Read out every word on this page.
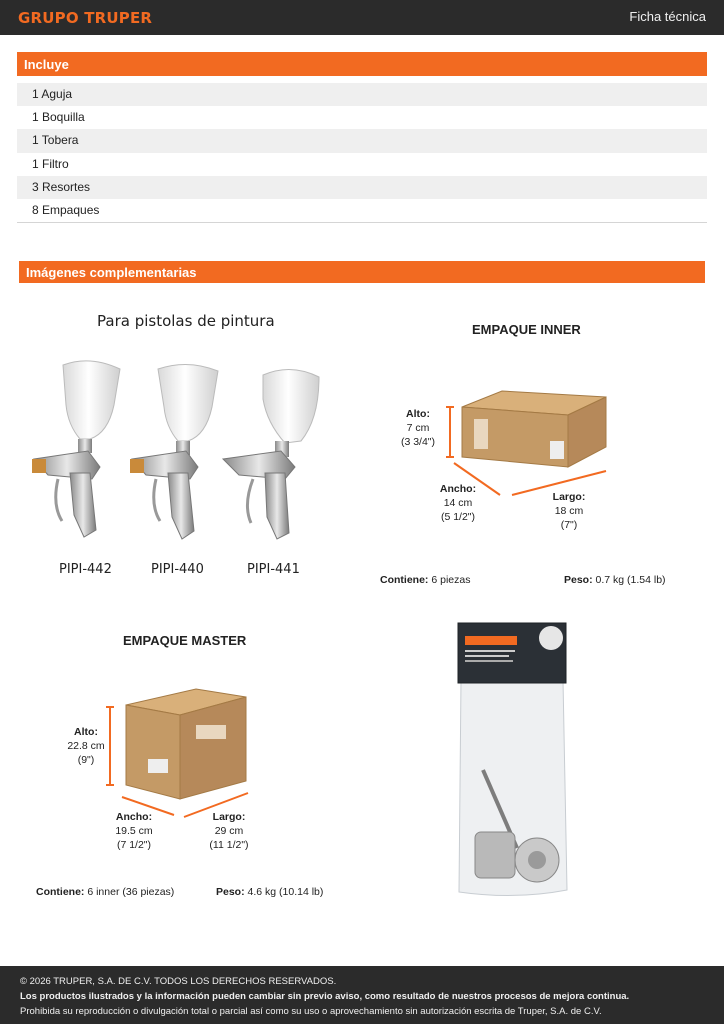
GRUPO TRUPER	Ficha técnica
Incluye
1 Aguja
1 Boquilla
1 Tobera
1 Filtro
3 Resortes
8 Empaques
Imágenes complementarias
Para pistolas de pintura
PIPI-442	PIPI-440	PIPI-441
EMPAQUE INNER
Alto:
7 cm
(3 3/4")
Ancho:
14 cm
(5 1/2")
Largo:
18 cm
(7")
Contiene: 6 piezas	Peso: 0.7 kg (1.54 lb)
EMPAQUE MASTER
Alto:
22.8 cm
(9")
Ancho:
19.5 cm
(7 1/2")
Largo:
29 cm
(11 1/2")
Contiene: 6 inner (36 piezas)	Peso: 4.6 kg (10.14 lb)
© 2026 TRUPER, S.A. DE C.V. TODOS LOS DERECHOS RESERVADOS.
Los productos ilustrados y la información pueden cambiar sin previo aviso, como resultado de nuestros procesos de mejora continua.
Prohibida su reproducción o divulgación total o parcial así como su uso o aprovechamiento sin autorización escrita de Truper, S.A. de C.V.
